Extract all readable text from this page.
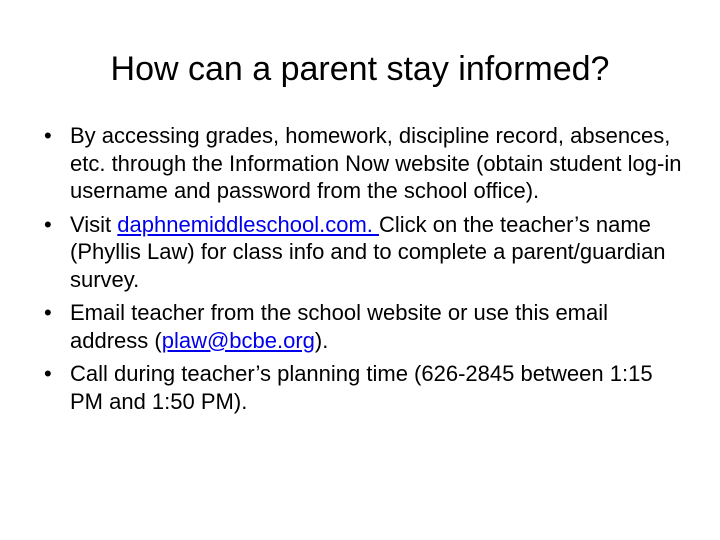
How can a parent stay informed?
• By accessing grades, homework, discipline record, absences, etc. through the Information Now website (obtain student log-in username and password from the school office).
• Visit daphnemiddleschool.com. Click on the teacher’s name (Phyllis Law) for class info and to complete a parent/guardian survey.
• Email teacher from the school website or use this email address (plaw@bcbe.org).
• Call during teacher’s planning time (626-2845 between 1:15 PM and 1:50 PM).
